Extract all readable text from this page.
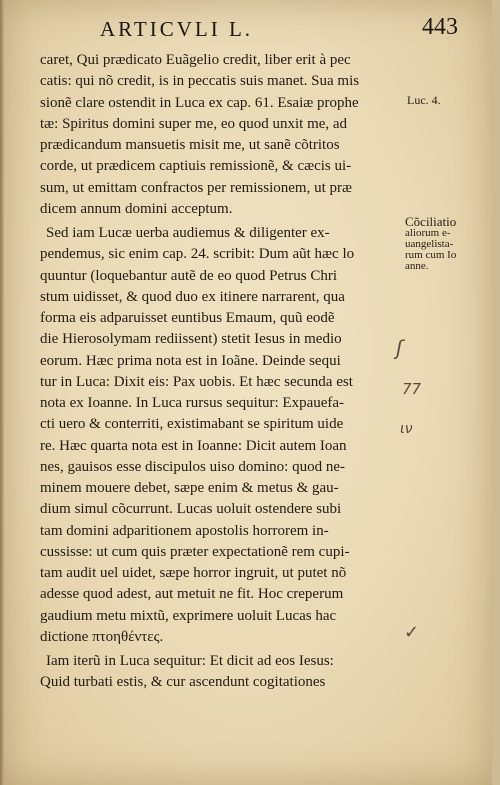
ARTICVLI L.	443
caret, Qui prædicato Euãgelio credit, liber erit à pec
catis: qui nõ credit, is in peccatis suis manet. Sua mis
sionẽ clare ostendit in Luca ex cap. 61. Esaiæ prophe
tæ: Spiritus domini super me, eo quod unxit me, ad
prædicandum mansuetis misit me, ut sanẽ cõtritos
corde, ut prædicem captiuis remissionẽ, & cæcis ui-
sum, ut emittam confractos per remissionem, ut præ
dicem annum domini acceptum.
Sed iam Lucæ uerba audiemus & diligenter ex-
pendemus, sic enim cap. 24. scribit: Dum aũt hæc lo
quuntur (loquebantur autẽ de eo quod Petrus Chri
stum uidisset, & quod duo ex itinere narrarent, qua
forma eis adparuisset euntibus Emaum, quũ eodẽ
die Hierosolymam rediissent) stetit Iesus in medio
eorum. Hæc prima nota est in Ioãne. Deinde sequi
tur in Luca: Dixit eis: Pax uobis. Et hæc secunda est
nota ex Ioanne. In Luca rursus sequitur: Expauefa-
cti uero & conterriti, existimabant se spiritum uide
re. Hæc quarta nota est in Ioanne: Dicit autem Ioan
nes, gauisos esse discipulos uiso domino: quod ne-
minem mouere debet, sæpe enim & metus & gau-
dium simul cõcurrunt. Lucas uoluit ostendere subi
tam domini adparitionem apostolis horrorem in-
cussisse: ut cum quis præter expectationẽ rem cupi-
tam audit uel uidet, sæpe horror ingruit, ut putet nõ
adesse quod adest, aut metuit ne fit. Hoc creperum
gaudium metu mixtũ, exprimere uoluit Lucas hac
dictione πτοηθέντες.
Iam iterũ in Luca sequitur: Et dicit ad eos Iesus:
Quid turbati estis, & cur ascendunt cogitationes
Luc. 4.
Cõciliatio
aliorum e-
uangelista-
rum cum Io
anne.
ʃ
77
ιν
✓
